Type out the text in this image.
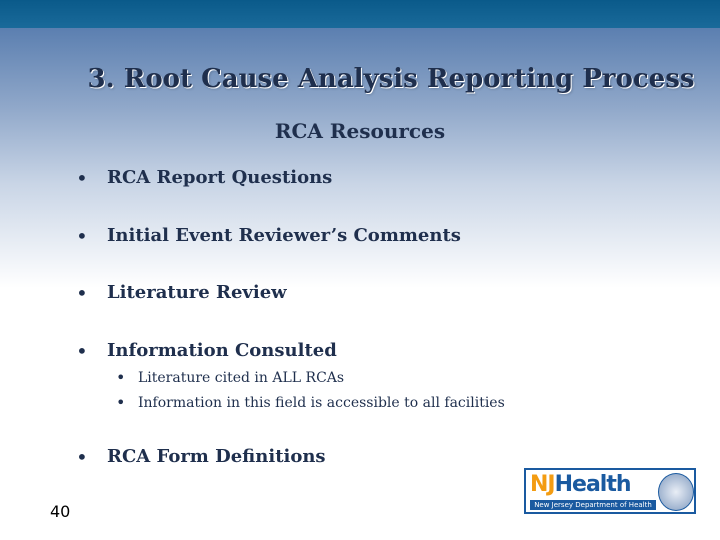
3. Root Cause Analysis Reporting Process
RCA Resources
• RCA Report Questions
• Initial Event Reviewer’s Comments
• Literature Review
• Information Consulted
• Literature cited in ALL RCAs
• Information in this field is accessible to all facilities
• RCA Form Definitions
40
NJHealth
New Jersey Department of Health
